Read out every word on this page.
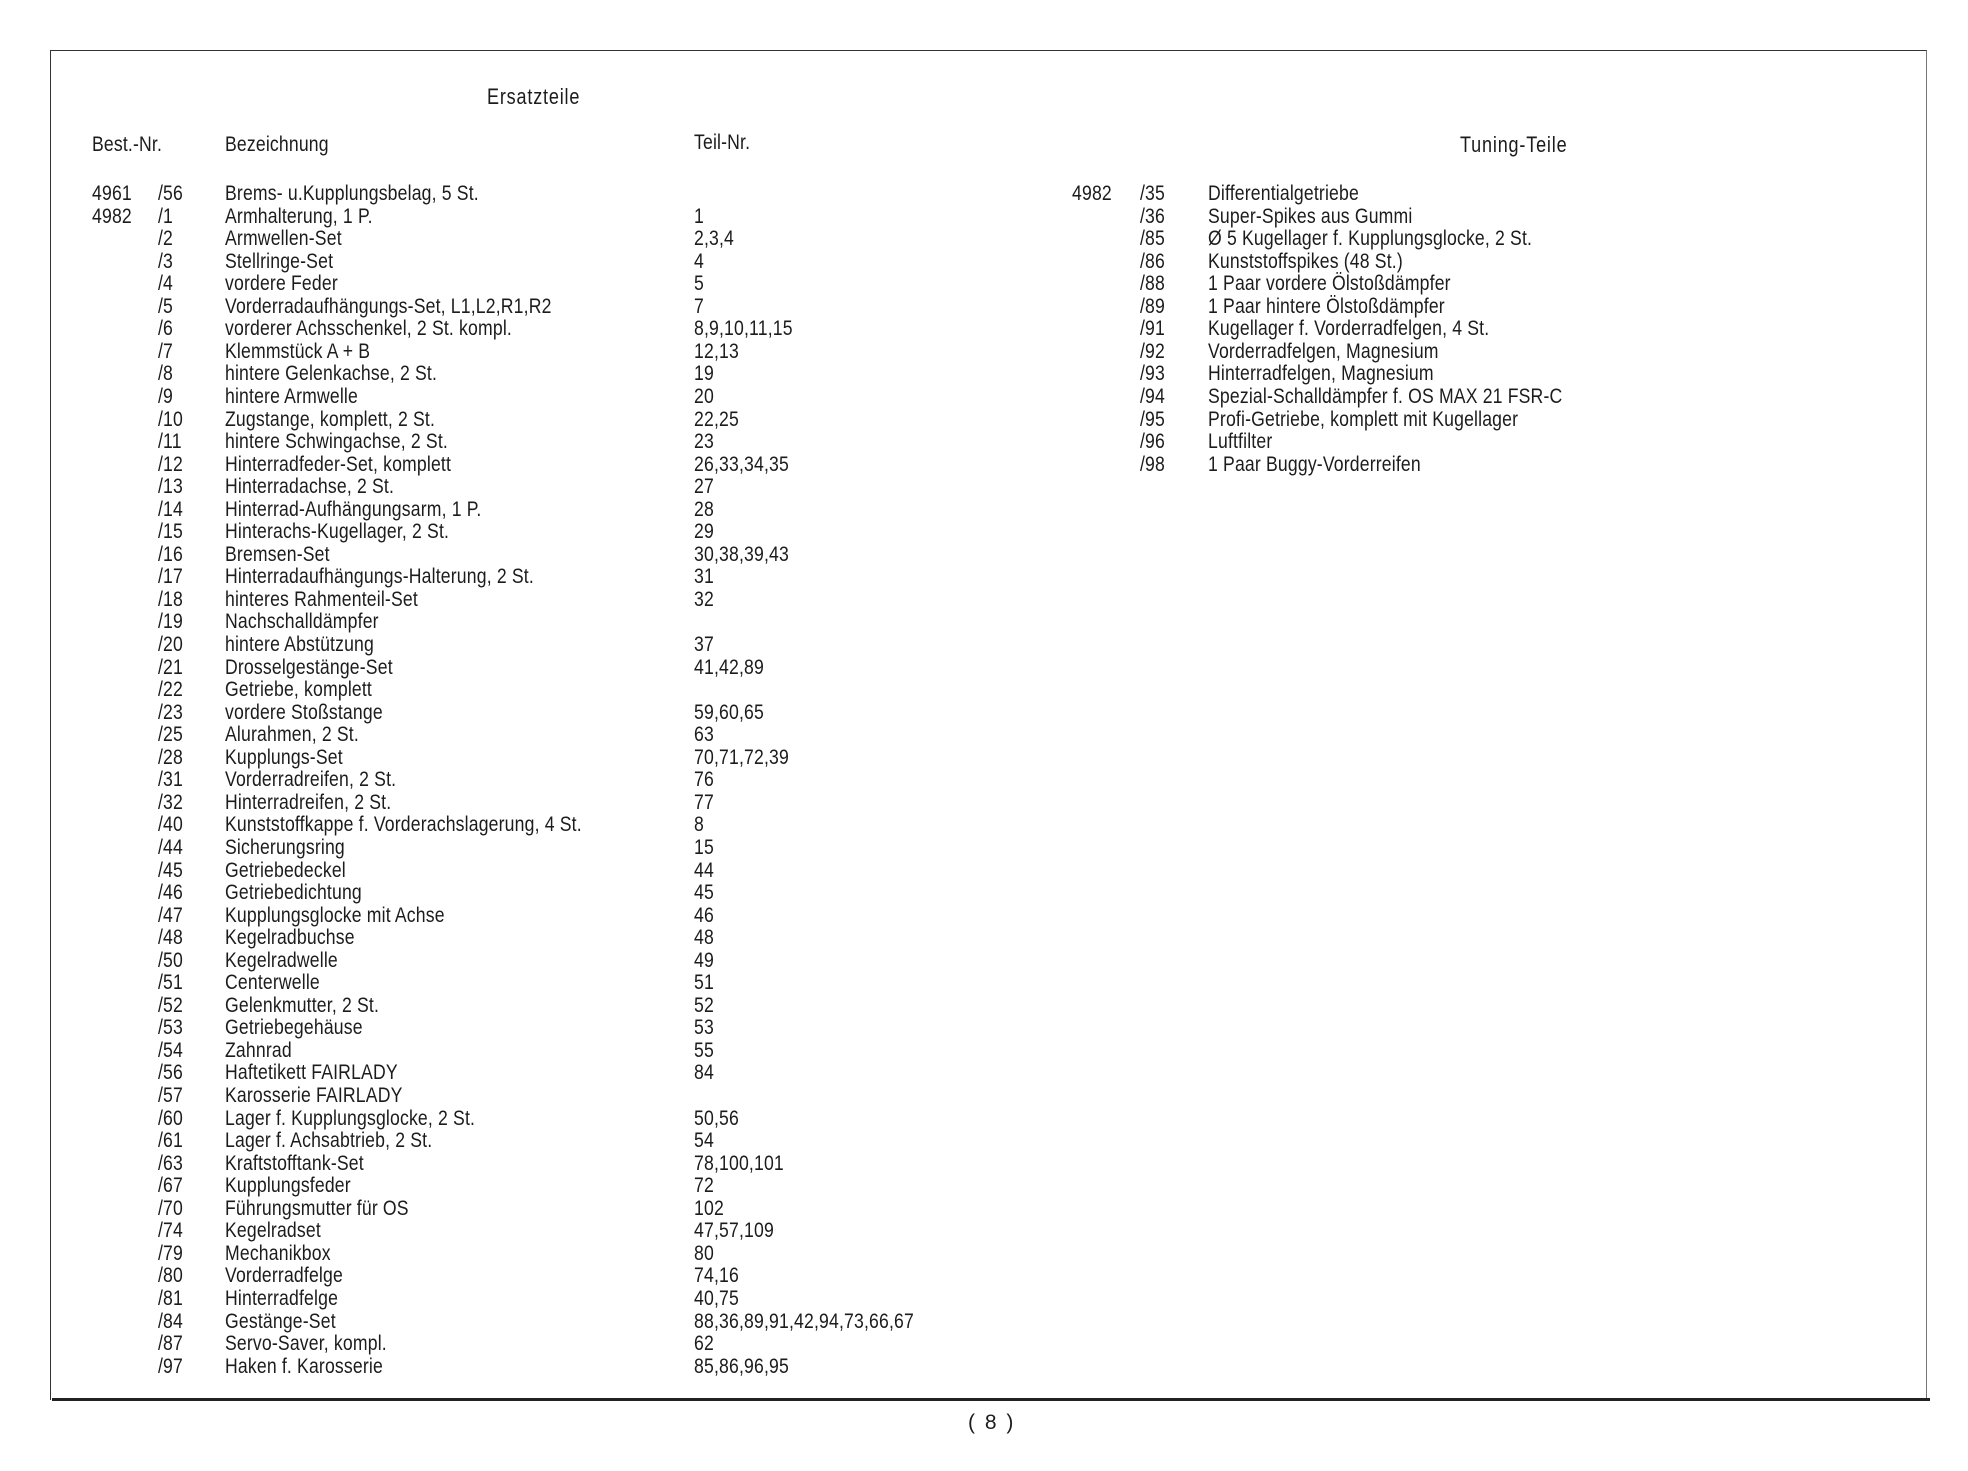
Ersatzteile
Best.-Nr.	Bezeichnung	Teil-Nr.	Tuning-Teile
4961 /56 Brems- u.Kupplungsbelag, 5 St.
4982 /1 Armhalterung, 1 P.	1
/2 Armwellen-Set	2,3,4
/3 Stellringe-Set	4
/4 vordere Feder	5
/5 Vorderradaufhängungs-Set, L1,L2,R1,R2	7
/6 vorderer Achsschenkel, 2 St. kompl.	8,9,10,11,15
/7 Klemmstück A + B	12,13
/8 hintere Gelenkachse, 2 St.	19
/9 hintere Armwelle	20
/10 Zugstange, komplett, 2 St.	22,25
/11 hintere Schwingachse, 2 St.	23
/12 Hinterradfeder-Set, komplett	26,33,34,35
/13 Hinterradachse, 2 St.	27
/14 Hinterrad-Aufhängungsarm, 1 P.	28
/15 Hinterachs-Kugellager, 2 St.	29
/16 Bremsen-Set	30,38,39,43
/17 Hinterradaufhängungs-Halterung, 2 St.	31
/18 hinteres Rahmenteil-Set	32
/19 Nachschalldämpfer
/20 hintere Abstützung	37
/21 Drosselgestänge-Set	41,42,89
/22 Getriebe, komplett
/23 vordere Stoßstange	59,60,65
/25 Alurahmen, 2 St.	63
/28 Kupplungs-Set	70,71,72,39
/31 Vorderradreifen, 2 St.	76
/32 Hinterradreifen, 2 St.	77
/40 Kunststoffkappe f. Vorderachslagerung, 4 St.	8
/44 Sicherungsring	15
/45 Getriebedeckel	44
/46 Getriebedichtung	45
/47 Kupplungsglocke mit Achse	46
/48 Kegelradbuchse	48
/50 Kegelradwelle	49
/51 Centerwelle	51
/52 Gelenkmutter, 2 St.	52
/53 Getriebegehäuse	53
/54 Zahnrad	55
/56 Haftetikett FAIRLADY	84
/57 Karosserie FAIRLADY
/60 Lager f. Kupplungsglocke, 2 St.	50,56
/61 Lager f. Achsabtrieb, 2 St.	54
/63 Kraftstofftank-Set	78,100,101
/67 Kupplungsfeder	72
/70 Führungsmutter für OS	102
/74 Kegelradset	47,57,109
/79 Mechanikbox	80
/80 Vorderradfelge	74,16
/81 Hinterradfelge	40,75
/84 Gestänge-Set	88,36,89,91,42,94,73,66,67
/87 Servo-Saver, kompl.	62
/97 Haken f. Karosserie	85,86,96,95
4982 /35 Differentialgetriebe
/36 Super-Spikes aus Gummi
/85 Ø 5 Kugellager f. Kupplungsglocke, 2 St.
/86 Kunststoffspikes (48 St.)
/88 1 Paar vordere Ölstoßdämpfer
/89 1 Paar hintere Ölstoßdämpfer
/91 Kugellager f. Vorderradfelgen, 4 St.
/92 Vorderradfelgen, Magnesium
/93 Hinterradfelgen, Magnesium
/94 Spezial-Schalldämpfer f. OS MAX 21 FSR-C
/95 Profi-Getriebe, komplett mit Kugellager
/96 Luftfilter
/98 1 Paar Buggy-Vorderreifen
( 8 )
